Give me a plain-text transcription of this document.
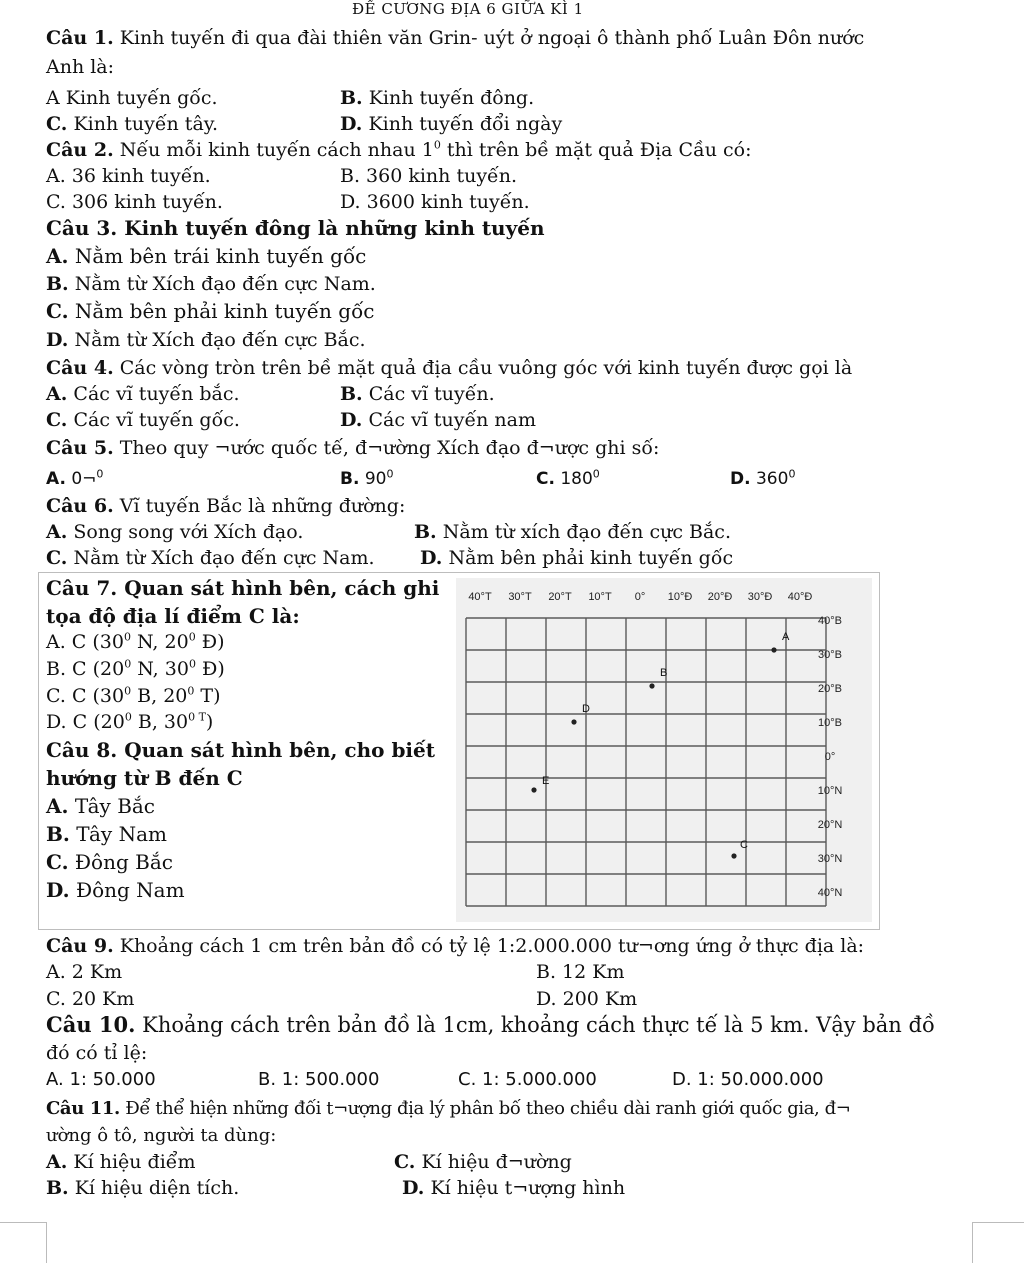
ĐỀ CƯƠNG ĐỊA 6 GIỮA KÌ 1
Câu 1. Kinh tuyến đi qua đài thiên văn Grin- uýt ở ngoại ô thành phố Luân Đôn nước
Anh là:
A Kinh tuyến gốc.	B. Kinh tuyến đông.
C. Kinh tuyến tây.	D. Kinh tuyến đổi ngày
Câu 2. Nếu mỗi kinh tuyến cách nhau $1^0$ thì trên bề mặt quả Địa Cầu có:
A. 36 kinh tuyến.	B. 360 kinh tuyến.
C. 306 kinh tuyến.	D. 3600 kinh tuyến.
Câu 3. Kinh tuyến đông là những kinh tuyến
A. Nằm bên trái kinh tuyến gốc
B. Nằm từ Xích đạo đến cực Nam.
C. Nằm bên phải kinh tuyến gốc
D. Nằm từ Xích đạo đến cực Bắc.
Câu 4. Các vòng tròn trên bề mặt quả địa cầu vuông góc với kinh tuyến được gọi là
A. Các vĩ tuyến bắc.	B. Các vĩ tuyến.
C. Các vĩ tuyến gốc.	D. Các vĩ tuyến nam
Câu 5. Theo quy ¬ước quốc tế, đ¬ường Xích đạo đ¬ược ghi số:
A. 0¬$^0$	B. $90^0$	C. $180^0$	D. $360^0$
Câu 6. Vĩ tuyến Bắc là những đường:
A. Song song với Xích đạo.	B. Nằm từ xích đạo đến cực Bắc.
C. Nằm từ Xích đạo đến cực Nam. D. Nằm bên phải kinh tuyến gốc
Câu 7. Quan sát hình bên, cách ghi
tọa độ địa lí điểm C là:
A. C ($30^0$ N, $20^0$ Đ)
B. C ($20^0$ N, $30^0$ Đ)
C. C ($30^0$ B, $20^0$ T)
D. C ($20^0$ B, $30^{0 T}$)
Câu 8. Quan sát hình bên, cho biết
hướng từ B đến C
A. Tây Bắc
B. Tây Nam
C. Đông Bắc
D. Đông Nam
40°T 30°T 20°T 10°T 0° 10°Đ 20°Đ 30°Đ 40°Đ
40°B
30°B
20°B
10°B
0°
10°N
20°N
30°N
40°N
A
B
C
D
E
Câu 9. Khoảng cách 1 cm trên bản đồ có tỷ lệ 1:2.000.000 tư¬ơng ứng ở thực địa là:
A. 2 Km	B. 12 Km
C. 20 Km	D. 200 Km
Câu 10. Khoảng cách trên bản đồ là 1cm, khoảng cách thực tế là 5 km. Vậy bản đồ
đó có tỉ lệ:
A. 1: 50.000	B. 1: 500.000	C. 1: 5.000.000	D. 1: 50.000.000
Câu 11. Để thể hiện những đối t¬ượng địa lý phân bố theo chiều dài ranh giới quốc gia, đ¬
ường ô tô, người ta dùng:
A. Kí hiệu điểm	C. Kí hiệu đ¬ường
B. Kí hiệu diện tích.	D. Kí hiệu t¬ượng hình
